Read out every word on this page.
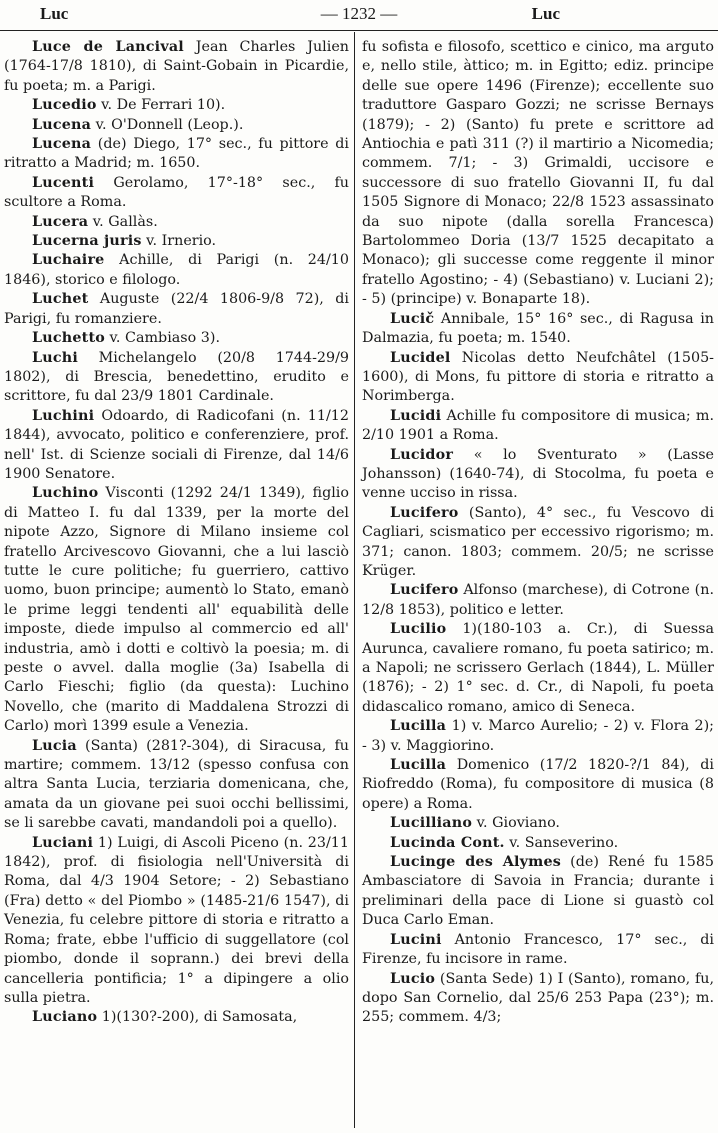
Luc	— 1232 —	Luc

Luce de Lancival Jean Charles Julien (1764-17/8 1810), di Saint-Gobain in Picardie, fu poeta; m. a Parigi.

Lucedio v. De Ferrari 10).

Lucena v. O'Donnell (Leop.).

Lucena (de) Diego, 17° sec., fu pittore di ritratto a Madrid; m. 1650.

Lucenti Gerolamo, 17°-18° sec., fu scultore a Roma.

Lucera v. Gallàs.

Lucerna juris v. Irnerio.

Luchaire Achille, di Parigi (n. 24/10 1846), storico e filologo.

Luchet Auguste (22/4 1806-9/8 72), di Parigi, fu romanziere.

Luchetto v. Cambiaso 3).

Luchi Michelangelo (20/8 1744-29/9 1802), di Brescia, benedettino, erudito e scrittore, fu dal 23/9 1801 Cardinale.

Luchini Odoardo, di Radicofani (n. 11/12 1844), avvocato, politico e conferenziere, prof. nell' Ist. di Scienze sociali di Firenze, dal 14/6 1900 Senatore.

Luchino Visconti (1292 24/1 1349), figlio di Matteo I. fu dal 1339, per la morte del nipote Azzo, Signore di Milano insieme col fratello Arcivescovo Giovanni, che a lui lasciò tutte le cure politiche; fu guerriero, cattivo uomo, buon principe; aumentò lo Stato, emanò le prime leggi tendenti all' equabilità delle imposte, diede impulso al commercio ed all' industria, amò i dotti e coltivò la poesia; m. di peste o avvel. dalla moglie (3a) Isabella di Carlo Fieschi; figlio (da questa): Luchino Novello, che (marito di Maddalena Strozzi di Carlo) morì 1399 esule a Venezia.

Lucia (Santa) (281?-304), di Siracusa, fu martire; commem. 13/12 (spesso confusa con altra Santa Lucia, terziaria domenicana, che, amata da un giovane pei suoi occhi bellissimi, se li sarebbe cavati, mandandoli poi a quello).

Luciani 1) Luigi, di Ascoli Piceno (n. 23/11 1842), prof. di fisiologia nell'Università di Roma, dal 4/3 1904 Setore; - 2) Sebastiano (Fra) detto « del Piombo » (1485-21/6 1547), di Venezia, fu celebre pittore di storia e ritratto a Roma; frate, ebbe l'ufficio di suggellatore (col piombo, donde il soprann.) dei brevi della cancelleria pontificia; 1° a dipingere a olio sulla pietra.

Luciano 1)(130?-200), di Samosata,

fu sofista e filosofo, scettico e cinico, ma arguto e, nello stile, àttico; m. in Egitto; ediz. principe delle sue opere 1496 (Firenze); eccellente suo traduttore Gasparo Gozzi; ne scrisse Bernays (1879); - 2) (Santo) fu prete e scrittore ad Antiochia e patì 311 (?) il martirio a Nicomedia; commem. 7/1; - 3) Grimaldi, uccisore e successore di suo fratello Giovanni II, fu dal 1505 Signore di Monaco; 22/8 1523 assassinato da suo nipote (dalla sorella Francesca) Bartolommeo Doria (13/7 1525 decapitato a Monaco); gli successe come reggente il minor fratello Agostino; - 4) (Sebastiano) v. Luciani 2); - 5) (principe) v. Bonaparte 18).

Lucič Annibale, 15° 16° sec., di Ragusa in Dalmazia, fu poeta; m. 1540.

Lucidel Nicolas detto Neufchâtel (1505-1600), di Mons, fu pittore di storia e ritratto a Norimberga.

Lucidi Achille fu compositore di musica; m. 2/10 1901 a Roma.

Lucidor « lo Sventurato » (Lasse Johansson) (1640-74), di Stocolma, fu poeta e venne ucciso in rissa.

Lucifero (Santo), 4° sec., fu Vescovo di Cagliari, scismatico per eccessivo rigorismo; m. 371; canon. 1803; commem. 20/5; ne scrisse Krüger.

Lucifero Alfonso (marchese), di Cotrone (n. 12/8 1853), politico e letter.

Lucilio 1)(180-103 a. Cr.), di Suessa Aurunca, cavaliere romano, fu poeta satirico; m. a Napoli; ne scrissero Gerlach (1844), L. Müller (1876); - 2) 1° sec. d. Cr., di Napoli, fu poeta didascalico romano, amico di Seneca.

Lucilla 1) v. Marco Aurelio; - 2) v. Flora 2); - 3) v. Maggiorino.

Lucilla Domenico (17/2 1820-?/1 84), di Riofreddo (Roma), fu compositore di musica (8 opere) a Roma.

Lucilliano v. Gioviano.

Lucinda Cont. v. Sanseverino.

Lucinge des Alymes (de) René fu 1585 Ambasciatore di Savoia in Francia; durante i preliminari della pace di Lione si guastò col Duca Carlo Eman.

Lucini Antonio Francesco, 17° sec., di Firenze, fu incisore in rame.

Lucio (Santa Sede) 1) I (Santo), romano, fu, dopo San Cornelio, dal 25/6 253 Papa (23°); m. 255; commem. 4/3;
